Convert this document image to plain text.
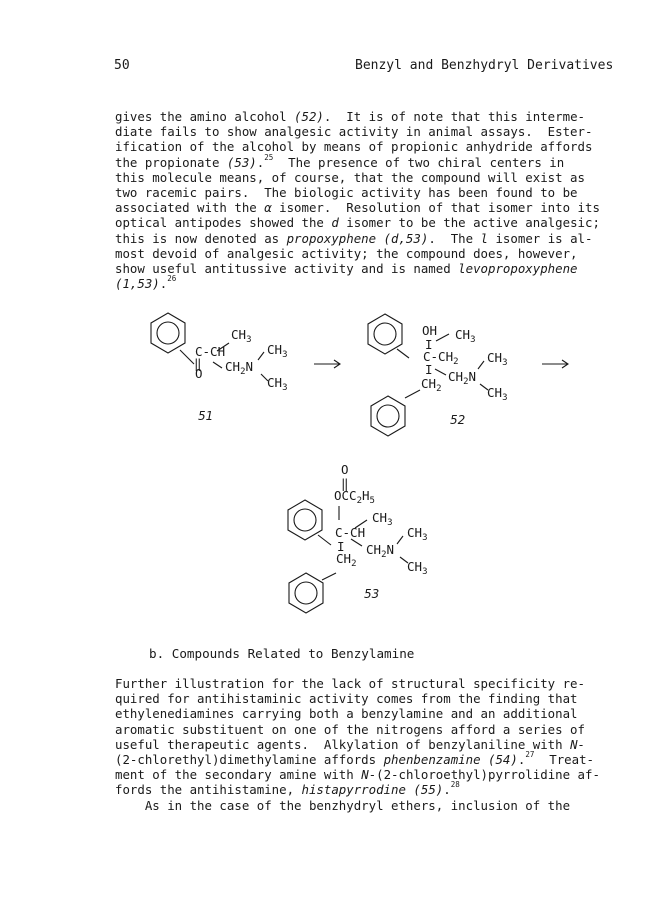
50	Benzyl and Benzhydryl Derivatives

gives the amino alcohol (52).  It is of note that this interme-
diate fails to show analgesic activity in animal assays.  Ester-
ification of the alcohol by means of propionic anhydride affords
the propionate (53).$^{25}$  The presence of two chiral centers in
this molecule means, of course, that the compound will exist as
two racemic pairs.  The biologic activity has been found to be
associated with the α isomer.  Resolution of that isomer into its
optical antipodes showed the d isomer to be the active analgesic;
this is now denoted as propoxyphene (d,53).  The l isomer is al-
most devoid of analgesic activity; the compound does, however,
show useful antitussive activity and is named levopropoxyphene
(1,53).$^{26}$

$CH_3$
C-CH	$CH_3$
‖ $CH_2N$
O
$CH_3$
51
OH
I
$CH_3$
$C-CH_2$ $CH_3$
I $CH_2N$
$CH_2$	$CH_3$
52
O
‖
$OCC_2H_5$
$CH_3$
C-CH	$CH_3$
I $CH_2N$
$CH_2$	$CH_3$
53
b. Compounds Related to Benzylamine

Further illustration for the lack of structural specificity re-
quired for antihistaminic activity comes from the finding that
ethylenediamines carrying both a benzylamine and an additional
aromatic substituent on one of the nitrogens afford a series of
useful therapeutic agents.  Alkylation of benzylaniline with N-
(2-chlorethyl)dimethylamine affords phenbenzamine (54).$^{27}$  Treat-
ment of the secondary amine with N-(2-chloroethyl)pyrrolidine af-
fords the antihistamine, histapyrrodine (55).$^{28}$
As in the case of the benzhydryl ethers, inclusion of the
